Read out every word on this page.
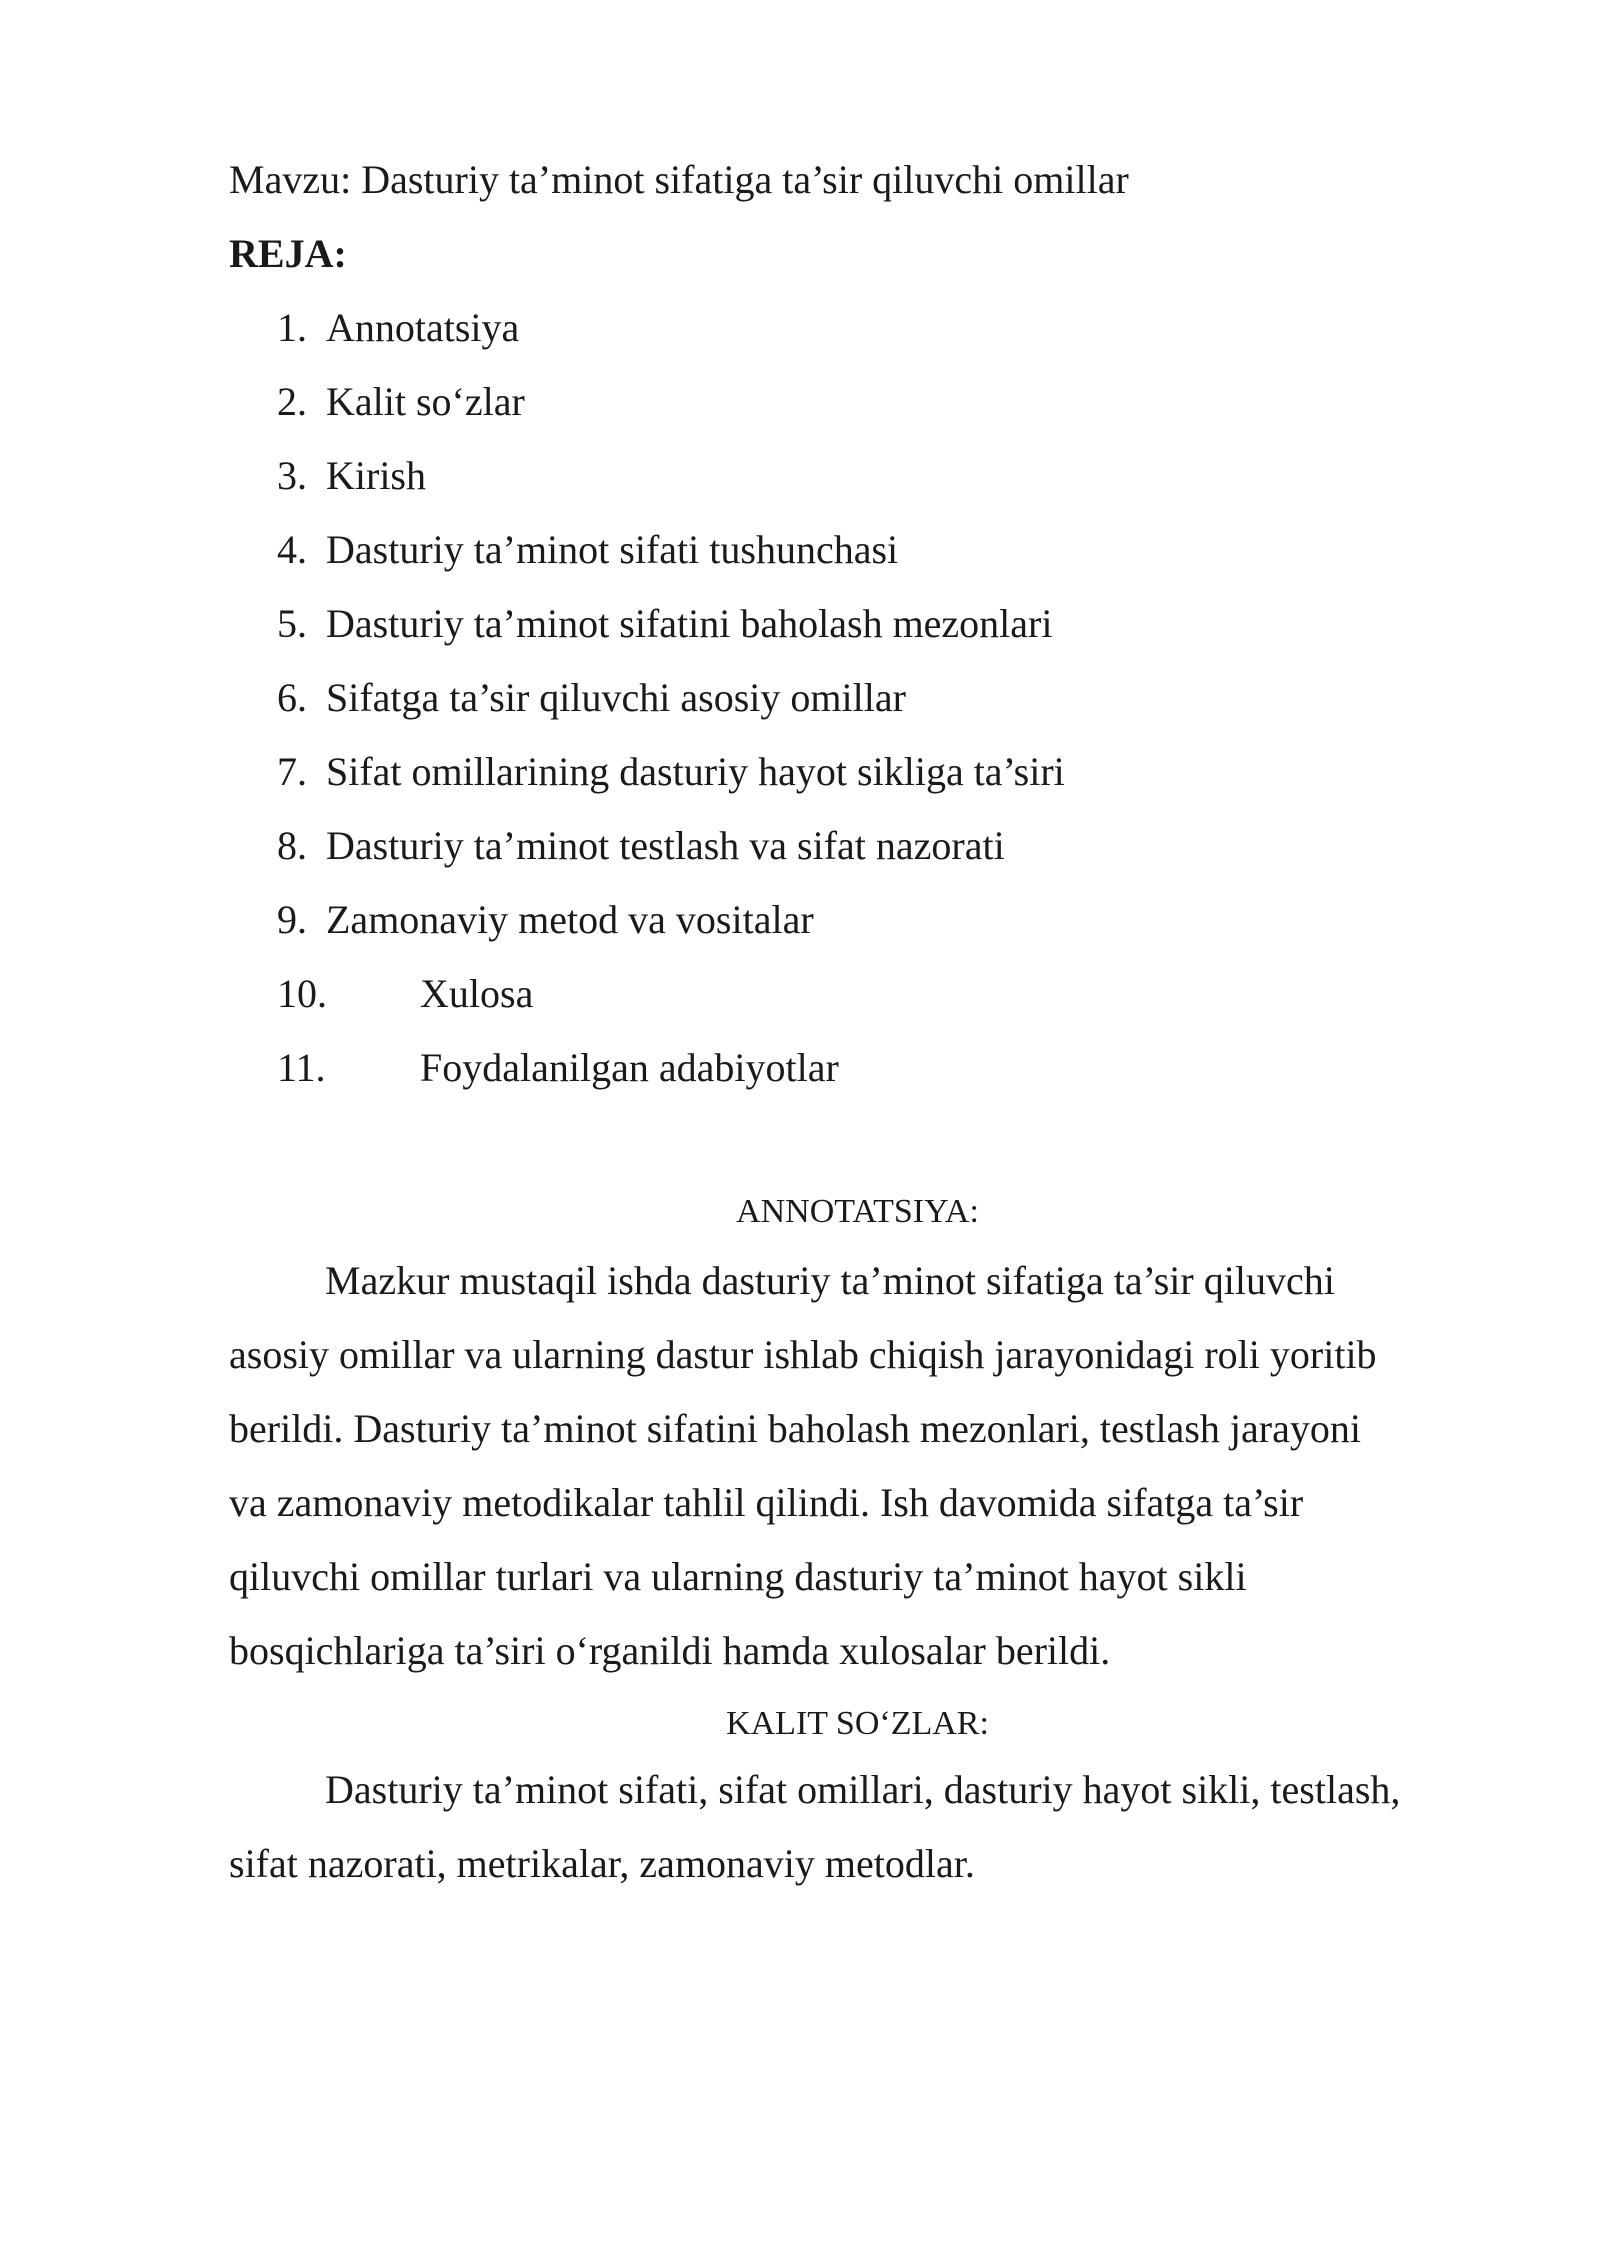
Mavzu: Dasturiy ta’minot sifatiga ta’sir qiluvchi omillar
REJA:
1. Annotatsiya
2. Kalit so‘zlar
3. Kirish
4. Dasturiy ta’minot sifati tushunchasi
5. Dasturiy ta’minot sifatini baholash mezonlari
6. Sifatga ta’sir qiluvchi asosiy omillar
7. Sifat omillarining dasturiy hayot sikliga ta’siri
8. Dasturiy ta’minot testlash va sifat nazorati
9. Zamonaviy metod va vositalar
10. Xulosa
11. Foydalanilgan adabiyotlar
ANNOTATSIYA:
Mazkur mustaqil ishda dasturiy ta’minot sifatiga ta’sir qiluvchi
asosiy omillar va ularning dastur ishlab chiqish jarayonidagi roli yoritib
berildi. Dasturiy ta’minot sifatini baholash mezonlari, testlash jarayoni
va zamonaviy metodikalar tahlil qilindi. Ish davomida sifatga ta’sir
qiluvchi omillar turlari va ularning dasturiy ta’minot hayot sikli
bosqichlariga ta’siri o‘rganildi hamda xulosalar berildi.
KALIT SO‘ZLAR:
Dasturiy ta’minot sifati, sifat omillari, dasturiy hayot sikli, testlash,
sifat nazorati, metrikalar, zamonaviy metodlar.
